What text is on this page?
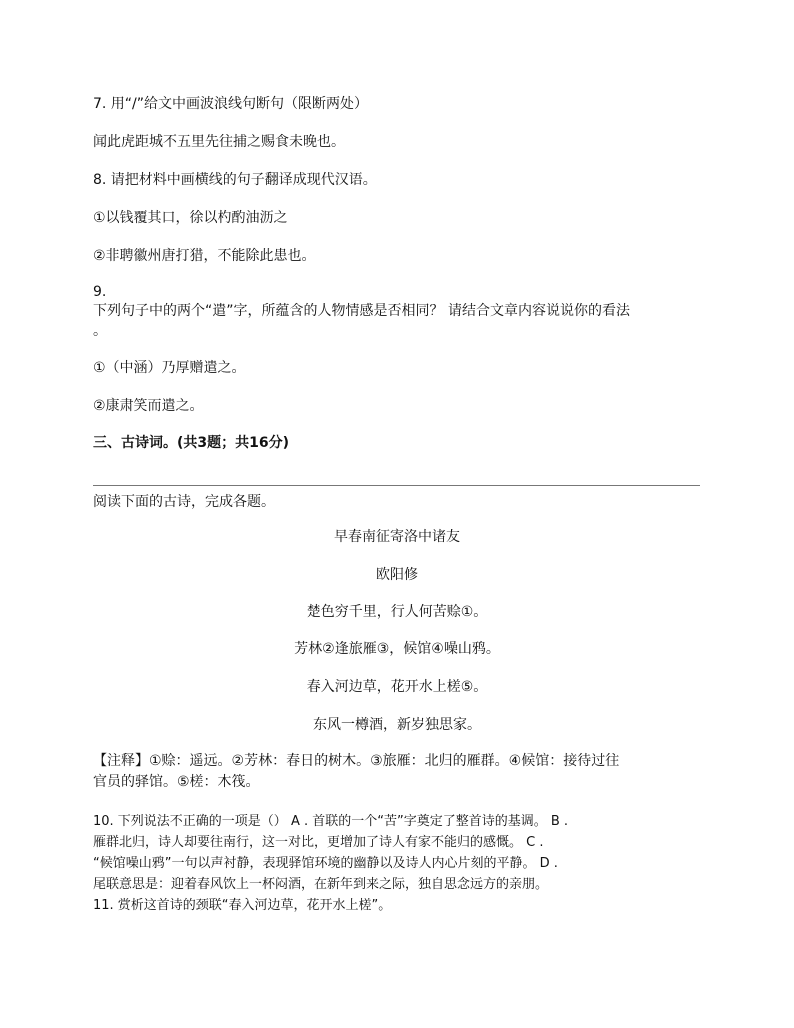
7. 用“/”给文中画波浪线句断句（限断两处）
闻此虎距城不五里先往捕之赐食未晚也。
8. 请把材料中画横线的句子翻译成现代汉语。
①以钱覆其口，徐以杓酌油沥之
②非聘徽州唐打猎，不能除此患也。
9.
下列句子中的两个“遣”字，所蕴含的人物情感是否相同？ 请结合文章内容说说你的看法
。
①（中涵）乃厚赠遣之。
②康肃笑而遣之。
三、古诗词。(共3题；共16分)
阅读下面的古诗，完成各题。
早春南征寄洛中诸友
欧阳修
楚色穷千里，行人何苦赊①。
芳林②逢旅雁③，候馆④噪山鸦。
春入河边草，花开水上槎⑤。
东风一樽酒，新岁独思家。
【注释】①赊：遥远。②芳林：春日的树木。③旅雁：北归的雁群。④候馆：接待过往
官员的驿馆。⑤槎：木筏。
10. 下列说法不正确的一项是（） A . 首联的一个“苦”字奠定了整首诗的基调。 B .
雁群北归，诗人却要往南行，这一对比，更增加了诗人有家不能归的感慨。 C .
“候馆噪山鸦”一句以声衬静，表现驿馆环境的幽静以及诗人内心片刻的平静。 D .
尾联意思是：迎着春风饮上一杯闷酒，在新年到来之际，独自思念远方的亲朋。
11. 赏析这首诗的颈联“春入河边草，花开水上槎”。
